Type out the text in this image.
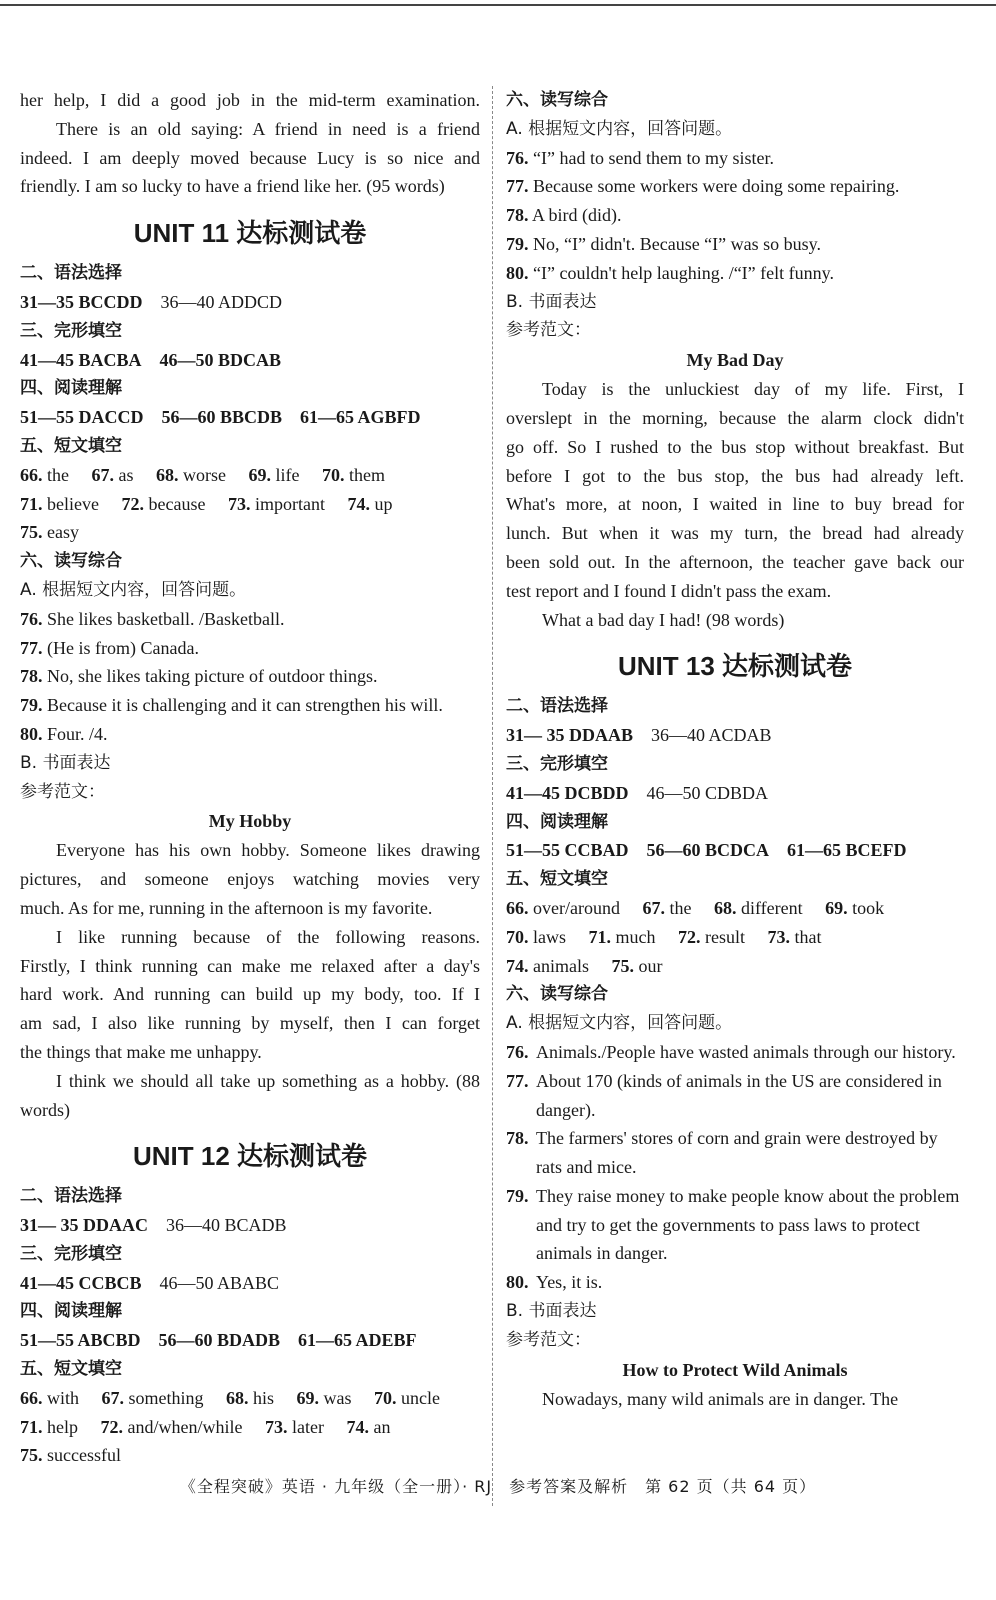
her help, I did a good job in the mid-term examination.
There is an old saying: A friend in need is a friend
indeed. I am deeply moved because Lucy is so nice and
friendly. I am so lucky to have a friend like her. (95 words)
UNIT 11 达标测试卷
二、语法选择
31—35 BCCDD 36—40 ADDCD
三、完形填空
41—45 BACBA 46—50 BDCAB
四、阅读理解
51—55 DACCD 56—60 BBCDB 61—65 AGBFD
五、短文填空
66. the 67. as 68. worse 69. life 70. them
71. believe 72. because 73. important 74. up
75. easy
六、读写综合
A. 根据短文内容，回答问题。
76. She likes basketball. /Basketball.
77. (He is from) Canada.
78. No, she likes taking picture of outdoor things.
79. Because it is challenging and it can strengthen his will.
80. Four. /4.
B. 书面表达
参考范文：
My Hobby
Everyone has his own hobby. Someone likes drawing
pictures, and someone enjoys watching movies very
much. As for me, running in the afternoon is my favorite.
I like running because of the following reasons.
Firstly, I think running can make me relaxed after a day's
hard work. And running can build up my body, too. If I
am sad, I also like running by myself, then I can forget
the things that make me unhappy.
I think we should all take up something as a hobby. (88
words)
UNIT 12 达标测试卷
二、语法选择
31— 35 DDAAC 36—40 BCADB
三、完形填空
41—45 CCBCB 46—50 ABABC
四、阅读理解
51—55 ABCBD 56—60 BDADB 61—65 ADEBF
五、短文填空
66. with 67. something 68. his 69. was 70. uncle
71. help 72. and/when/while 73. later 74. an
75. successful
六、读写综合
A. 根据短文内容，回答问题。
76. “I” had to send them to my sister.
77. Because some workers were doing some repairing.
78. A bird (did).
79. No, “I” didn't. Because “I” was so busy.
80. “I” couldn't help laughing. /“I” felt funny.
B. 书面表达
参考范文：
My Bad Day
Today is the unluckiest day of my life. First, I
overslept in the morning, because the alarm clock didn't
go off. So I rushed to the bus stop without breakfast. But
before I got to the bus stop, the bus had already left.
What's more, at noon, I waited in line to buy bread for
lunch. But when it was my turn, the bread had already
been sold out. In the afternoon, the teacher gave back our
test report and I found I didn't pass the exam.
What a bad day I had! (98 words)
UNIT 13 达标测试卷
二、语法选择
31— 35 DDAAB 36—40 ACDAB
三、完形填空
41—45 DCBDD 46—50 CDBDA
四、阅读理解
51—55 CCBAD 56—60 BCDCA 61—65 BCEFD
五、短文填空
66. over/around 67. the 68. different 69. took
70. laws 71. much 72. result 73. that
74. animals 75. our
六、读写综合
A. 根据短文内容，回答问题。
76. Animals./People have wasted animals through our history.
77. About 170 (kinds of animals in the US are considered in danger).
78. The farmers' stores of corn and grain were destroyed by rats and mice.
79. They raise money to make people know about the problem and try to get the governments to pass laws to protect animals in danger.
80. Yes, it is.
B. 书面表达
参考范文：
How to Protect Wild Animals
Nowadays, many wild animals are in danger. The
《全程突破》英语 · 九年级（全一册）· RJ　参考答案及解析　第 62 页（共 64 页）
